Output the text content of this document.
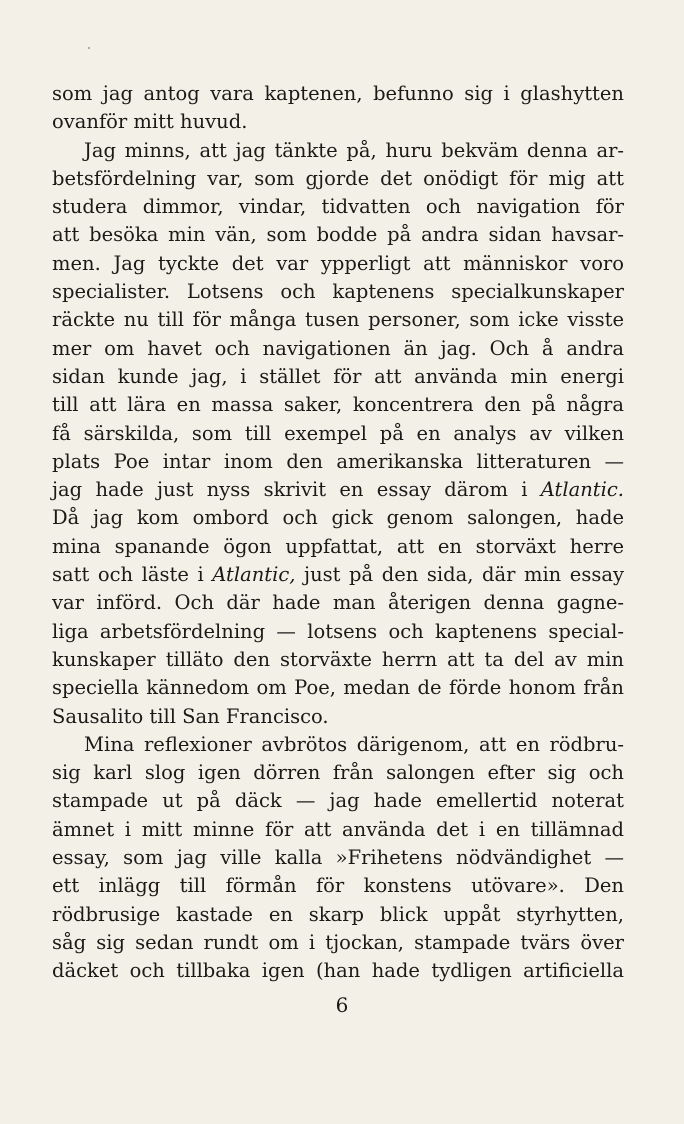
som jag antog vara kaptenen, befunno sig i glashytten
ovanför mitt huvud.
Jag minns, att jag tänkte på, huru bekväm denna ar-
betsfördelning var, som gjorde det onödigt för mig att
studera dimmor, vindar, tidvatten och navigation för
att besöka min vän, som bodde på andra sidan havsar-
men. Jag tyckte det var ypperligt att människor voro
specialister. Lotsens och kaptenens specialkunskaper
räckte nu till för många tusen personer, som icke visste
mer om havet och navigationen än jag. Och å andra
sidan kunde jag, i stället för att använda min energi
till att lära en massa saker, koncentrera den på några
få särskilda, som till exempel på en analys av vilken
plats Poe intar inom den amerikanska litteraturen —
jag hade just nyss skrivit en essay därom i Atlantic.
Då jag kom ombord och gick genom salongen, hade
mina spanande ögon uppfattat, att en storväxt herre
satt och läste i Atlantic, just på den sida, där min essay
var införd. Och där hade man återigen denna gagne-
liga arbetsfördelning — lotsens och kaptenens special-
kunskaper tilläto den storväxte herrn att ta del av min
speciella kännedom om Poe, medan de förde honom från
Sausalito till San Francisco.
Mina reflexioner avbrötos därigenom, att en rödbru-
sig karl slog igen dörren från salongen efter sig och
stampade ut på däck — jag hade emellertid noterat
ämnet i mitt minne för att använda det i en tillämnad
essay, som jag ville kalla »Frihetens nödvändighet —
ett inlägg till förmån för konstens utövare». Den
rödbrusige kastade en skarp blick uppåt styrhytten,
såg sig sedan rundt om i tjockan, stampade tvärs över
däcket och tillbaka igen (han hade tydligen artificiella
6
